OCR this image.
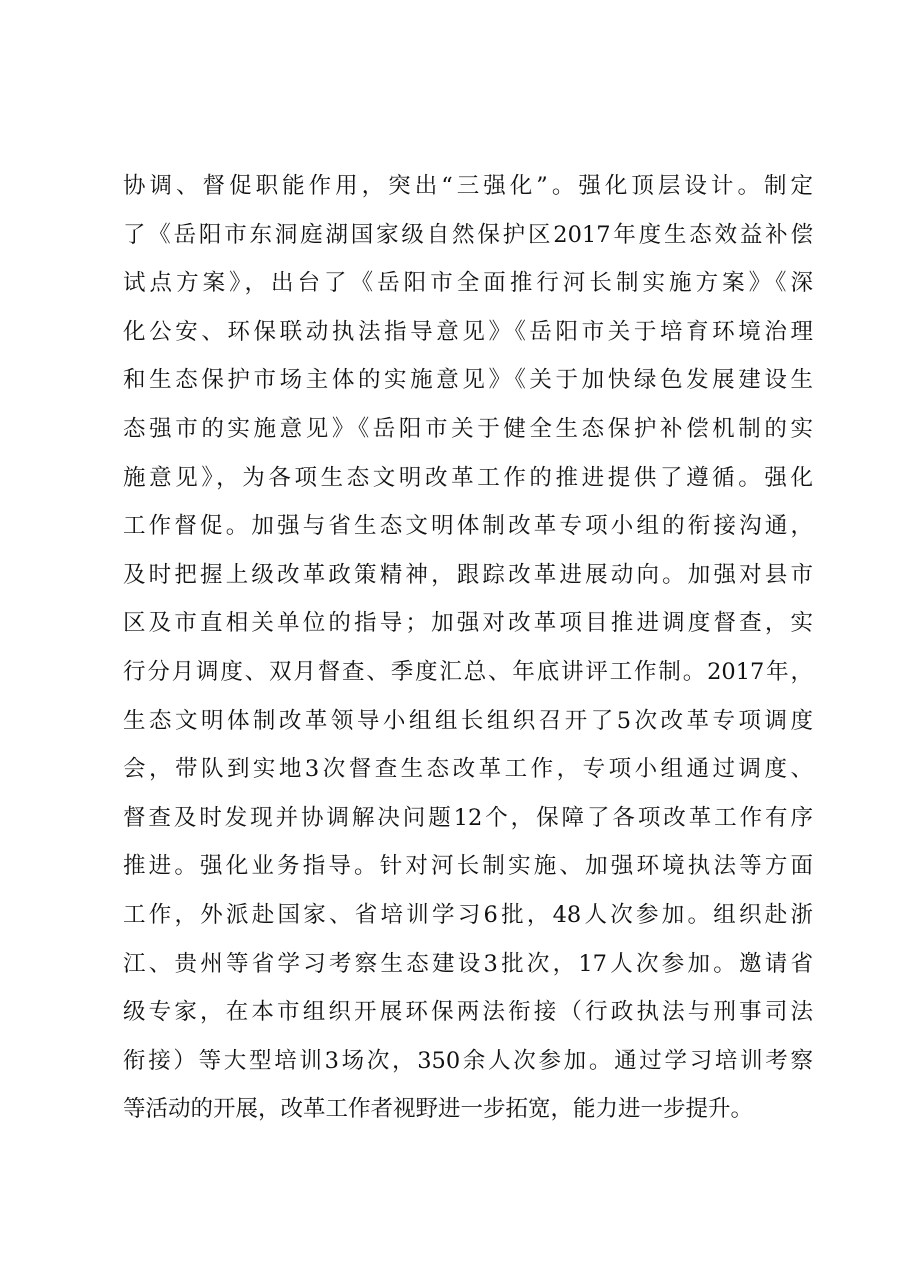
协调、督促职能作用，突出“三强化”。强化顶层设计。制定
了《岳阳市东洞庭湖国家级自然保护区2017年度生态效益补偿
试点方案》，出台了《岳阳市全面推行河长制实施方案》《深
化公安、环保联动执法指导意见》《岳阳市关于培育环境治理
和生态保护市场主体的实施意见》《关于加快绿色发展建设生
态强市的实施意见》《岳阳市关于健全生态保护补偿机制的实
施意见》，为各项生态文明改革工作的推进提供了遵循。强化
工作督促。加强与省生态文明体制改革专项小组的衔接沟通，
及时把握上级改革政策精神，跟踪改革进展动向。加强对县市
区及市直相关单位的指导；加强对改革项目推进调度督查，实
行分月调度、双月督查、季度汇总、年底讲评工作制。2017年，
生态文明体制改革领导小组组长组织召开了5次改革专项调度
会，带队到实地3次督查生态改革工作，专项小组通过调度、
督查及时发现并协调解决问题12个，保障了各项改革工作有序
推进。强化业务指导。针对河长制实施、加强环境执法等方面
工作，外派赴国家、省培训学习6批，48人次参加。组织赴浙
江、贵州等省学习考察生态建设3批次，17人次参加。邀请省
级专家，在本市组织开展环保两法衔接（行政执法与刑事司法
衔接）等大型培训3场次，350余人次参加。通过学习培训考察
等活动的开展，改革工作者视野进一步拓宽，能力进一步提升。
